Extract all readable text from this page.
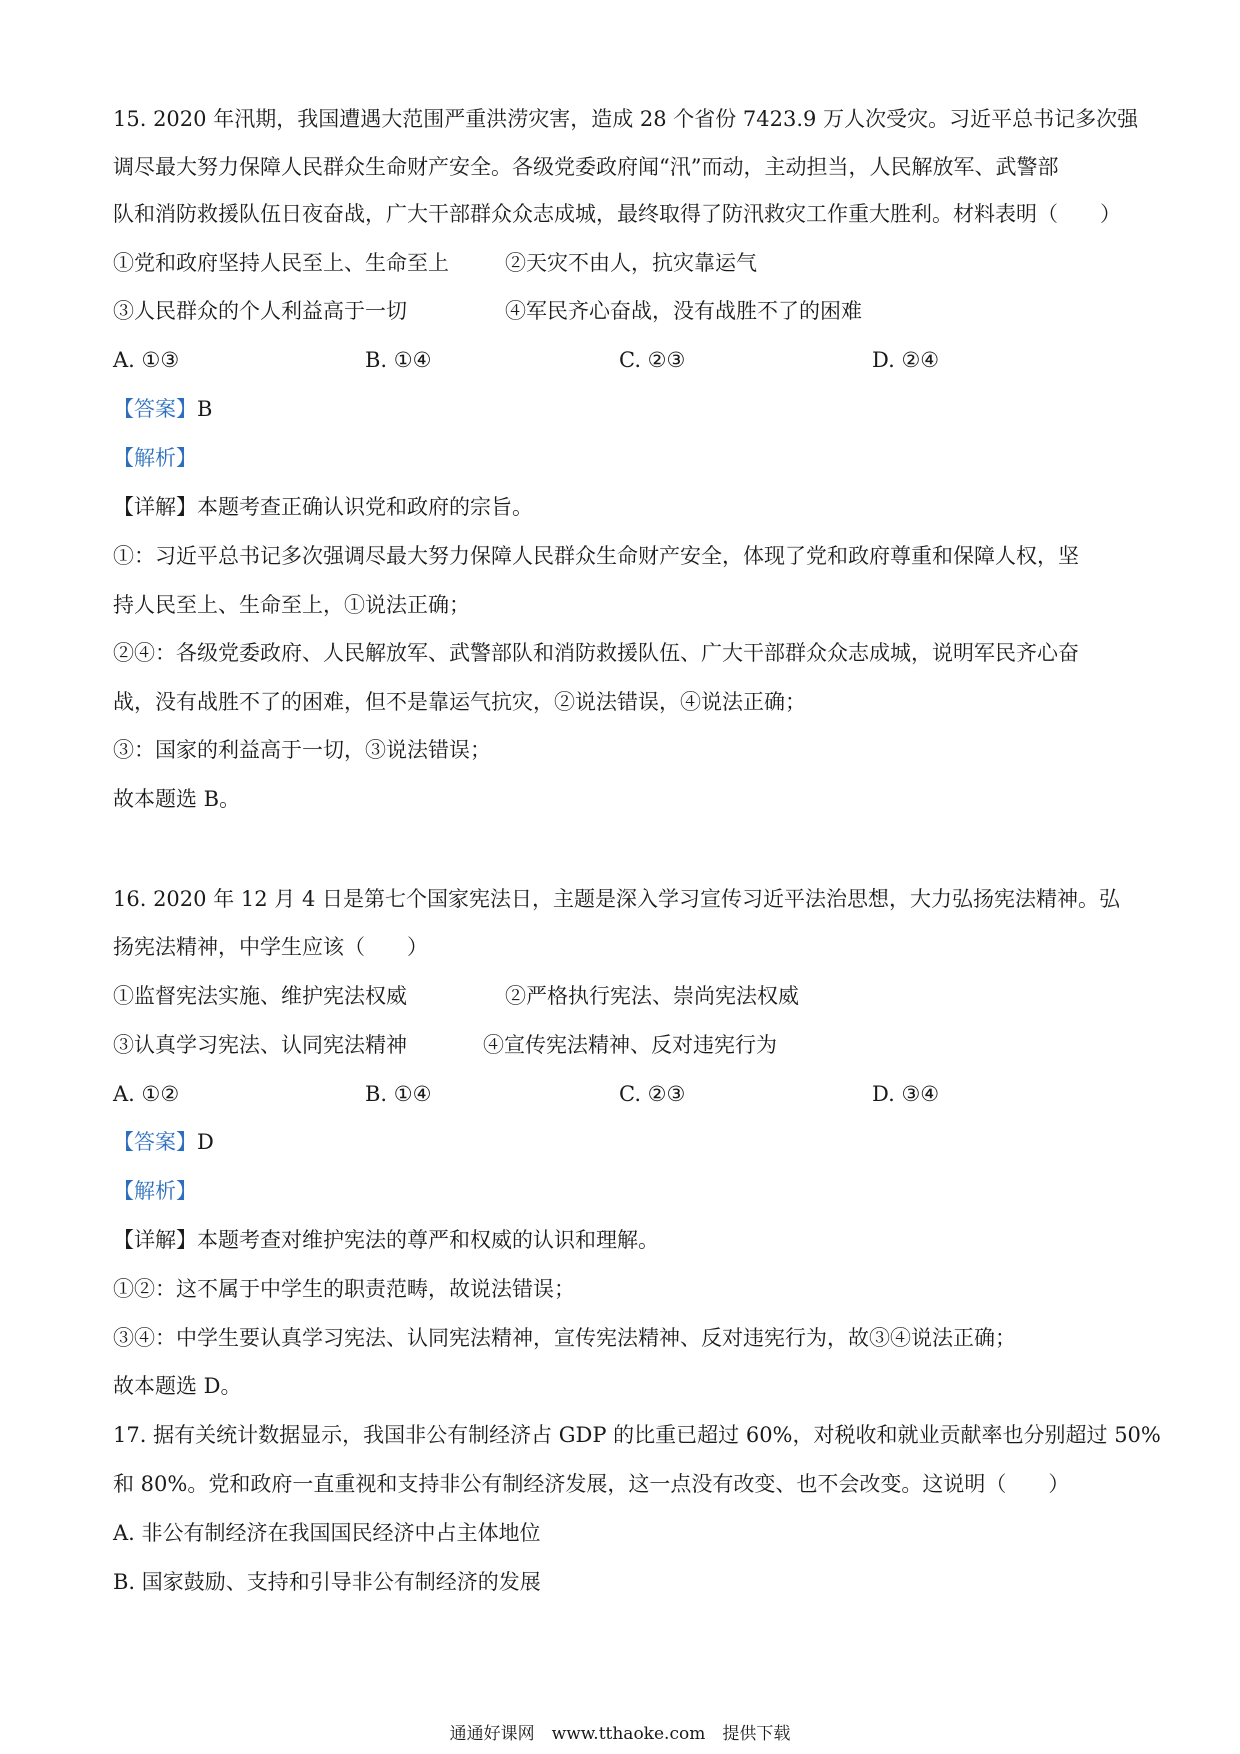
15. 2020 年汛期，我国遭遇大范围严重洪涝灾害，造成 28 个省份 7423.9 万人次受灾。习近平总书记多次强
调尽最大努力保障人民群众生命财产安全。各级党委政府闻“汛”而动，主动担当，人民解放军、武警部
队和消防救援队伍日夜奋战，广大干部群众众志成城，最终取得了防汛救灾工作重大胜利。材料表明（　　）
①党和政府坚持人民至上、生命至上	②天灾不由人，抗灾靠运气
③人民群众的个人利益高于一切	④军民齐心奋战，没有战胜不了的困难
A. ①③	B. ①④	C. ②③	D. ②④
【答案】B
【解析】
【详解】本题考查正确认识党和政府的宗旨。
①：习近平总书记多次强调尽最大努力保障人民群众生命财产安全，体现了党和政府尊重和保障人权，坚
持人民至上、生命至上，①说法正确；
②④：各级党委政府、人民解放军、武警部队和消防救援队伍、广大干部群众众志成城，说明军民齐心奋
战，没有战胜不了的困难，但不是靠运气抗灾，②说法错误，④说法正确；
③：国家的利益高于一切，③说法错误；
故本题选 B。
16. 2020 年 12 月 4 日是第七个国家宪法日，主题是深入学习宣传习近平法治思想，大力弘扬宪法精神。弘
扬宪法精神，中学生应该（　　）
①监督宪法实施、维护宪法权威	②严格执行宪法、崇尚宪法权威
③认真学习宪法、认同宪法精神	④宣传宪法精神、反对违宪行为
A. ①②	B. ①④	C. ②③	D. ③④
【答案】D
【解析】
【详解】本题考查对维护宪法的尊严和权威的认识和理解。
①②：这不属于中学生的职责范畴，故说法错误；
③④：中学生要认真学习宪法、认同宪法精神，宣传宪法精神、反对违宪行为，故③④说法正确；
故本题选 D。
17. 据有关统计数据显示，我国非公有制经济占 GDP 的比重已超过 60%，对税收和就业贡献率也分别超过 50%
和 80%。党和政府一直重视和支持非公有制经济发展，这一点没有改变、也不会改变。这说明（　　）
A. 非公有制经济在我国国民经济中占主体地位
B. 国家鼓励、支持和引导非公有制经济的发展
通通好课网　www.tthaoke.com　提供下载
